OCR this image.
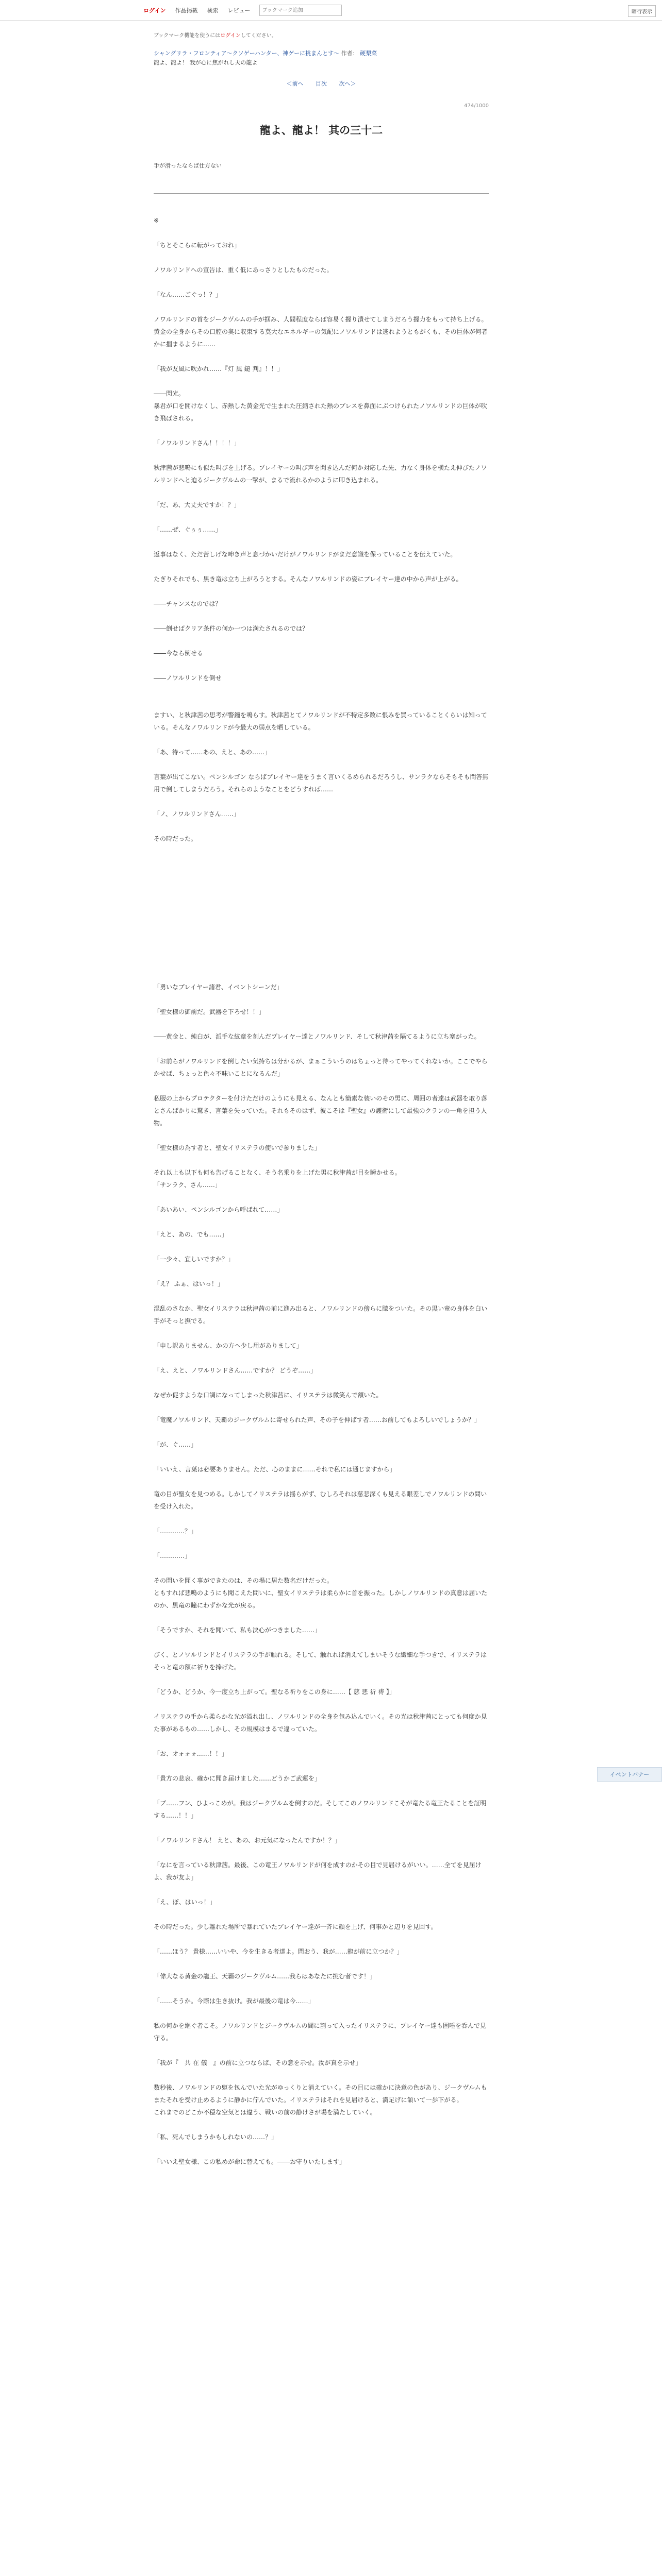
ログイン 作品掲載 検索 レビュー
ブックマーク追加	暗行表示
ブックマーク機能を使うにはログインしてください。
シャングリラ・フロンティア〜クソゲーハンター、神ゲーに挑まんとす〜 作者： 硬梨菜
龍よ、龍よ！ 我が心に焦がれし天の龍よ
＜前へ 目次 次へ＞
474/1000
龍よ、龍よ！ 其の三十二
手が滑ったならば仕方ない

※

「ちとそこらに転がっておれ」

ノワルリンドへの宣告は、重く低にあっさりとしたものだった。

「なん……ごぐっ！？」

ノワルリンドの首をジークヴルムの手が掴み、人間程度ならば容易く握り潰せてしまうだろう握力をもって持ち上げる。

黄金の全身からその口腔の奥に収束する莫大なエネルギーの気配にノワルリンドは逃れようともがくも、その巨体が何者かに掴まるように……

「我が友風に吹かれ……『灯 風 鎚 判』！！」

――閃光。

暴君が口を開けなくし、赤熱した黄金光で生まれた圧縮された熱のブレスを鼻面にぶつけられたノワルリンドの巨体が吹き飛ばされる。

「ノワルリンドさん！！！！」

秋津茜が悲鳴にも似た叫びを上げる。プレイヤーの叫び声を聞き込んだ何か対応した先、力なく身体を横たえ伸びたノワルリンドへと迫るジークヴルムの一撃が、まるで流れるかのように叩き込まれる。

「だ、あ、大丈夫ですか！？」

「……ぜ、ぐぅぅ……」

返事はなく、ただ苦しげな呻き声と息づかいだけがノワルリンドがまだ意識を保っていることを伝えていた。

たぎりそれでも、黒き竜は立ち上がろうとする。そんなノワルリンドの姿にプレイヤー達の中から声が上がる。

――チャンスなのでは？

――倒せばクリア条件の何か一つは満たされるのでは？

――今なら倒せる

――ノワルリンドを倒せ

ますい、と秋津茜の思考が警鐘を鳴らす。秋津茜とてノワルリンドが不特定多数に恨みを買っていることくらいは知っている。そんなノワルリンドが今最大の弱点を晒している。

「あ、待って……あの、えと、あの……」

言葉が出てこない。ペンシルゴン ならばプレイヤー達をうまく言いくるめられるだろうし、サンラクならそもそも問答無用で倒してしまうだろう。それらのようなことをどうすれば……

「ノ、ノワルリンドさん……」

その時だった。

「勇いなプレイヤー諸君、イベントシーンだ」

「聖女様の御前だ。武器を下ろせ！！」

――黄金と、純白が、派手な紋章を刻んだプレイヤー達とノワルリンド、そして秋津茜を隔てるように立ち塞がった。

「お前らがノワルリンドを倒したい気持ちは分かるが、まぁこういうのはちょっと待ってやってくれないか。ここでやらかせば、ちょっと色々不味いことになるんだ」

私服の上からプロテクターを付けただけのようにも見える、なんとも簡素な装いのその男に、周囲の者達は武器を取り落とさんばかりに驚き、言葉を失っていた。それもそのはず、彼こそは『聖女』の護衛にして最強のクランの一角を担う人物。

「聖女様の為す者と、聖女イリステラの使いで参りました」

それ以上も以下も何も告げることなく、そう名乗りを上げた男に秋津茜が目を瞬かせる。

「サンラク、さん……」

「あいあい、ペンシルゴンから呼ばれて……」

「えと、あの、でも……」

「一少々、宜しいですか？」

「え？ ふぁ、はいっ！」

混乱のさなか、聖女イリステラは秋津茜の前に進み出ると、ノワルリンドの傍らに膝をついた。その黒い竜の身体を白い手がそっと撫でる。

「申し訳ありません、かの方へ少し用がありまして」

「え、えと、ノワルリンドさん……ですか？ どうぞ……」

なぜか促すような口調になってしまった秋津茜に、イリステラは微笑んで頷いた。

「竜魔ノワルリンド、天覇のジークヴルムに寄せられた声、その子を伸ばす者……お前してもよろしいでしょうか？」

「が、ぐ……」

「いいえ、言葉は必要ありません。ただ、心のままに……それで私には通じますから」

竜の目が聖女を見つめる。しかしてイリステラは揺らがず、むしろそれは慈悲深くも見える眼差しでノワルリンドの問いを受け入れた。

「…………？」

「…………」

その問いを聞く事ができたのは、その場に居た数名だけだった。

ともすれば悲鳴のようにも聞こえた問いに、聖女イリステラは柔らかに首を振った。しかしノワルリンドの真意は届いたのか、黒竜の瞳にわずかな光が戻る。

「そうですか、それを聞いて、私も決心がつきました……」

びく、とノワルリンドとイリステラの手が触れる。そして、触れれば消えてしまいそうな繊細な手つきで、イリステラはそっと竜の額に祈りを捧げた。

「どうか、どうか、今一度立ち上がって。聖なる祈りをこの身に……【 慈 悲 祈 祷 】」

イリステラの手から柔らかな光が溢れ出し、ノワルリンドの全身を包み込んでいく。その光は秋津茜にとっても何度か見た事があるもの……しかし、その規模はまるで違っていた。

「お、オォォォ……！！」

「貴方の悲哀、確かに聞き届けました……どうかご武運を」

「ブ……フン、ひよっこめが。我はジークヴルムを倒すのだ。そしてこのノワルリンドこそが竜たる竜王たることを証明する……！！」

「ノワルリンドさん！ えと、あの、お元気になったんですか！？」

「なにを言っている秋津茜。最後、この竜王ノワルリンドが何を成すのかその目で見届けるがいい。……全てを見届けよ、我が友よ」

「え、ぼ、はいっ！」

その時だった。少し離れた場所で暴れていたプレイヤー達が一斉に顔を上げ、何事かと辺りを見回す。

「……ほう？ 貴様……いいや、今を生きる者達よ。問おう、我が……龍が前に立つか？」

「偉大なる黄金の龍王、天覇のジークヴルム……我らはあなたに挑む者です！」

「……そうか。今際は生き抜け。我が最後の竜は今……」

私の何かを継ぐ者こそ。ノワルリンドとジークヴルムの間に割って入ったイリステラに、プレイヤー達も固唾を呑んで見守る。

「我が『　共 在 儀　』の前に立つならば、その意を示せ。汝が真を示せ」

数秒後、ノワルリンドの躯を包んでいた光がゆっくりと消えていく。その目には確かに決意の色があり、ジークヴルムもまたそれを受け止めるように静かに佇んでいた。イリステラはそれを見届けると、満足げに頷いて一歩下がる。

これまでのどこか不穏な空気とは違う、戦いの前の静けさが場を満たしていく。

「私、死んでしまうかもしれないの……？」

「いいえ聖女様、この私めが命に替えても。――お守りいたします」

イベントバナー
